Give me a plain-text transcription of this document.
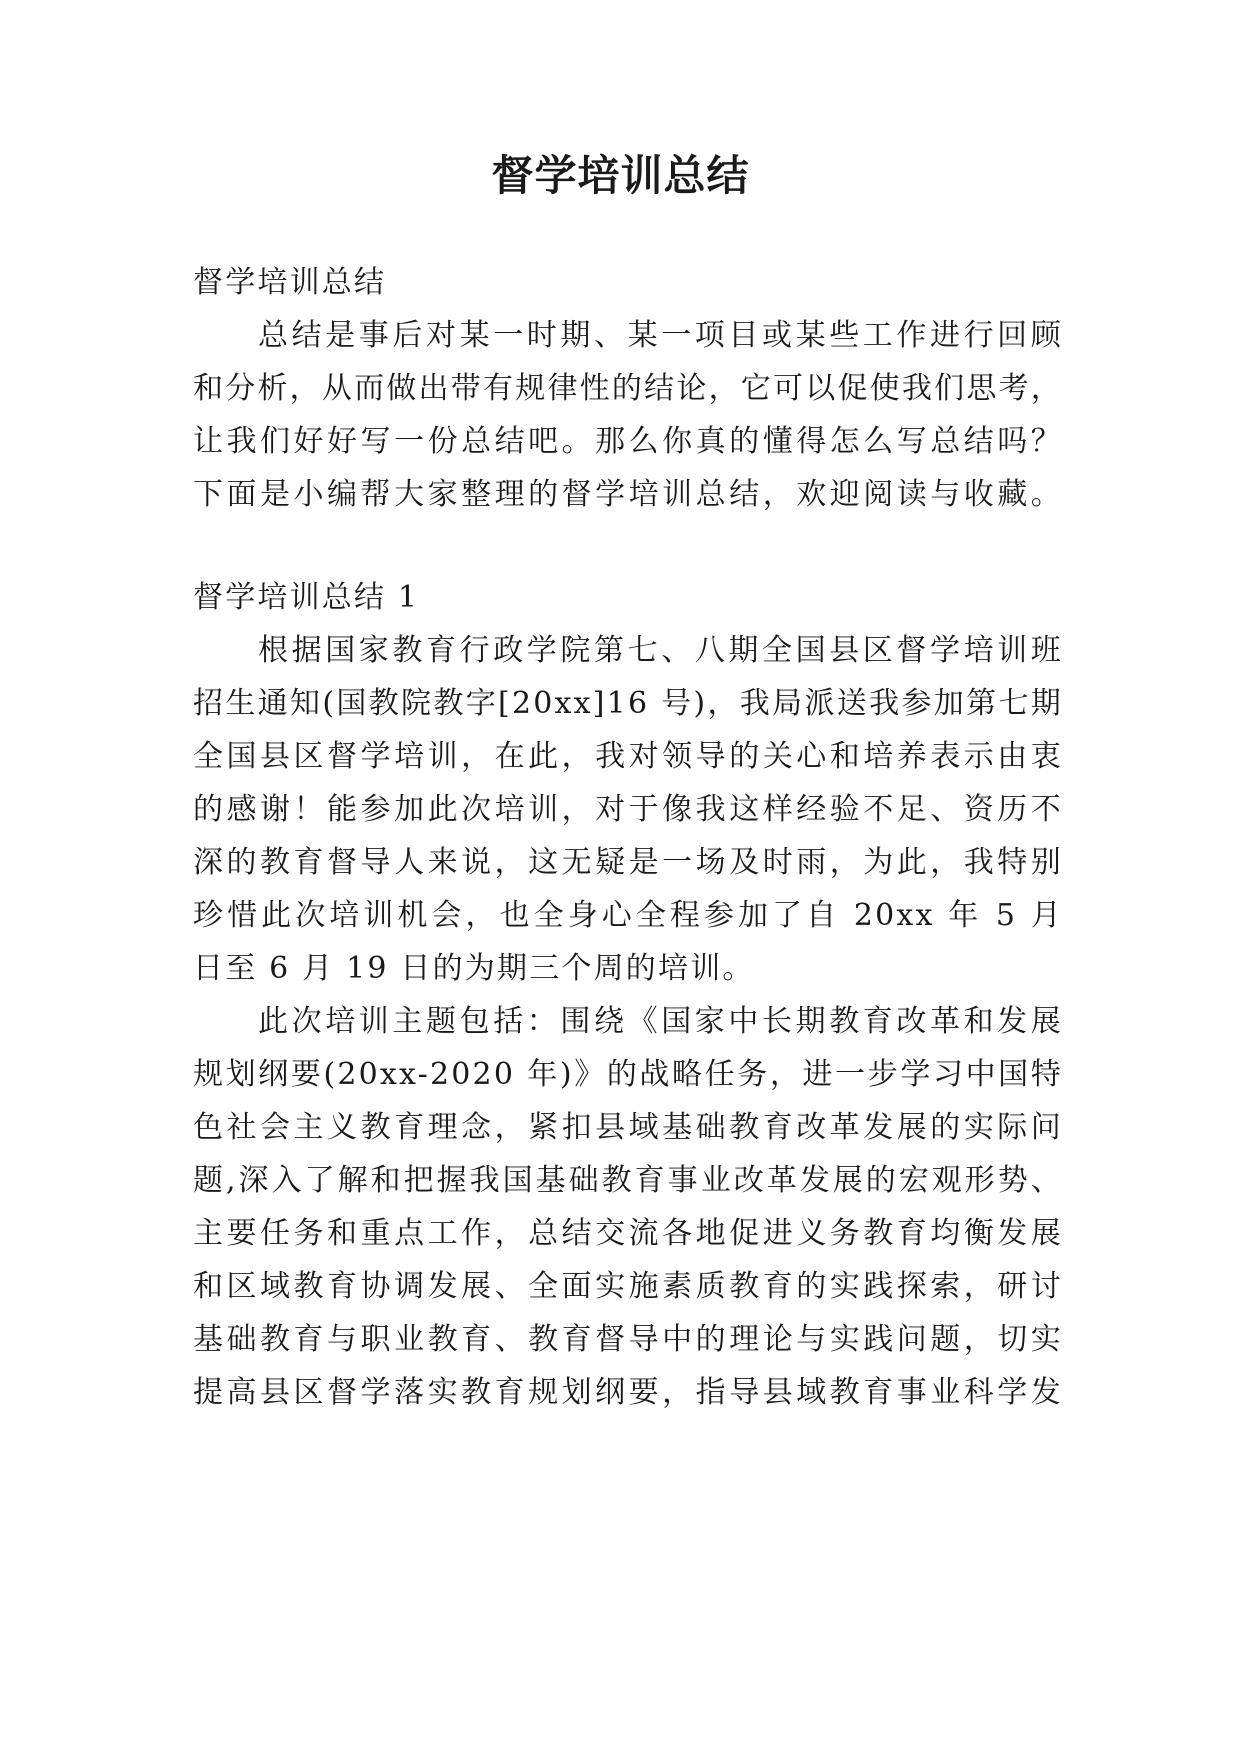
督学培训总结
督学培训总结
总结是事后对某一时期、某一项目或某些工作进行回顾
和分析，从而做出带有规律性的结论，它可以促使我们思考，
让我们好好写一份总结吧。那么你真的懂得怎么写总结吗？
下面是小编帮大家整理的督学培训总结，欢迎阅读与收藏。
督学培训总结 1
根据国家教育行政学院第七、八期全国县区督学培训班
招生通知(国教院教字[20xx]16 号)，我局派送我参加第七期
全国县区督学培训，在此，我对领导的关心和培养表示由衷
的感谢！能参加此次培训，对于像我这样经验不足、资历不
深的教育督导人来说，这无疑是一场及时雨，为此，我特别
珍惜此次培训机会，也全身心全程参加了自 20xx 年 5 月
日至 6 月 19 日的为期三个周的培训。
此次培训主题包括：围绕《国家中长期教育改革和发展
规划纲要(20xx-2020 年)》的战略任务，进一步学习中国特
色社会主义教育理念，紧扣县域基础教育改革发展的实际问
题,深入了解和把握我国基础教育事业改革发展的宏观形势、
主要任务和重点工作，总结交流各地促进义务教育均衡发展
和区域教育协调发展、全面实施素质教育的实践探索，研讨
基础教育与职业教育、教育督导中的理论与实践问题，切实
提高县区督学落实教育规划纲要，指导县域教育事业科学发
